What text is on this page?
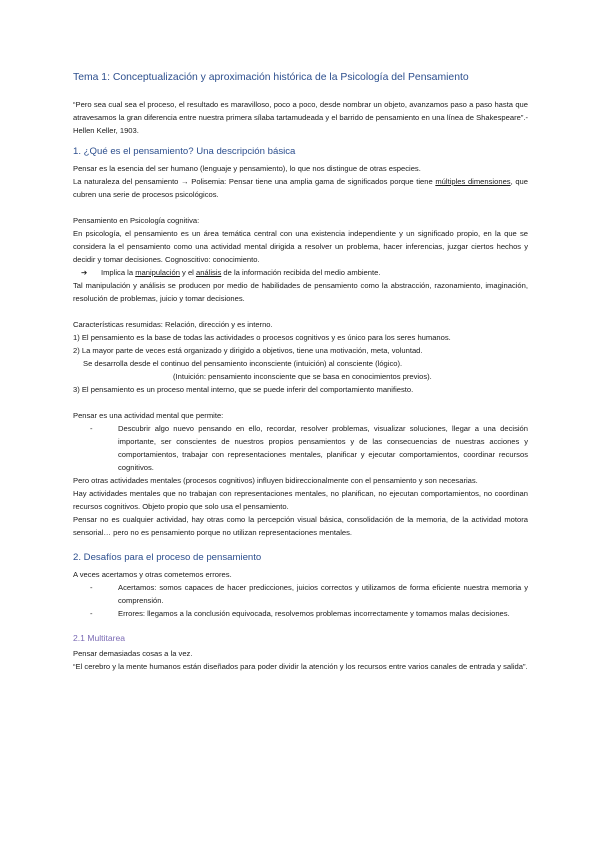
Tema 1: Conceptualización y aproximación histórica de la Psicología del Pensamiento

“Pero sea cual sea el proceso, el resultado es maravilloso, poco a poco, desde nombrar un objeto, avanzamos paso a paso hasta que atravesamos la gran diferencia entre nuestra primera sílaba tartamudeada y el barrido de pensamiento en una línea de Shakespeare”.- Hellen Keller, 1903.

1. ¿Qué es el pensamiento? Una descripción básica

Pensar es la esencia del ser humano (lenguaje y pensamiento), lo que nos distingue de otras especies.

La naturaleza del pensamiento → Polisemia: Pensar tiene una amplia gama de significados porque tiene múltiples dimensiones, que cubren una serie de procesos psicológicos.

Pensamiento en Psicología cognitiva:

En psicología, el pensamiento es un área temática central con una existencia independiente y un significado propio, en la que se considera la el pensamiento como una actividad mental dirigida a resolver un problema, hacer inferencias, juzgar ciertos hechos y decidir y tomar decisiones. Cognoscitivo: conocimiento.

➔	Implica la manipulación y el análisis de la información recibida del medio ambiente.

Tal manipulación y análisis se producen por medio de habilidades de pensamiento como la abstracción, razonamiento, imaginación, resolución de problemas, juicio y tomar decisiones.

Características resumidas: Relación, dirección y es interno.

1) El pensamiento es la base de todas las actividades o procesos cognitivos y es único para los seres humanos.

2) La mayor parte de veces está organizado y dirigido a objetivos, tiene una motivación, meta, voluntad.

Se desarrolla desde el continuo del pensamiento inconsciente (intuición) al consciente (lógico).

(Intuición: pensamiento inconsciente que se basa en conocimientos previos).

3) El pensamiento es un proceso mental interno, que se puede inferir del comportamiento manifiesto.

Pensar es una actividad mental que permite:

-	Descubrir algo nuevo pensando en ello, recordar, resolver problemas, visualizar soluciones, llegar a una decisión importante, ser conscientes de nuestros propios pensamientos y de las consecuencias de nuestras acciones y comportamientos, trabajar con representaciones mentales, planificar y ejecutar comportamientos, coordinar recursos cognitivos.

Pero otras actividades mentales (procesos cognitivos) influyen bidireccionalmente con el pensamiento y son necesarias.

Hay actividades mentales que no trabajan con representaciones mentales, no planifican, no ejecutan comportamientos, no coordinan recursos cognitivos. Objeto propio que solo usa el pensamiento.

Pensar no es cualquier actividad, hay otras como la percepción visual básica, consolidación de la memoria, de la actividad motora sensorial… pero no es pensamiento porque no utilizan representaciones mentales.

2. Desafíos para el proceso de pensamiento

A veces acertamos y otras cometemos errores.

-	Acertamos: somos capaces de hacer predicciones, juicios correctos y utilizamos de forma eficiente nuestra memoria y comprensión.
-	Errores: llegamos a la conclusión equivocada, resolvemos problemas incorrectamente y tomamos malas decisiones.
2.1 Multitarea

Pensar demasiadas cosas a la vez.

“El cerebro y la mente humanos están diseñados para poder dividir la atención y los recursos entre varios canales de entrada y salida”.
